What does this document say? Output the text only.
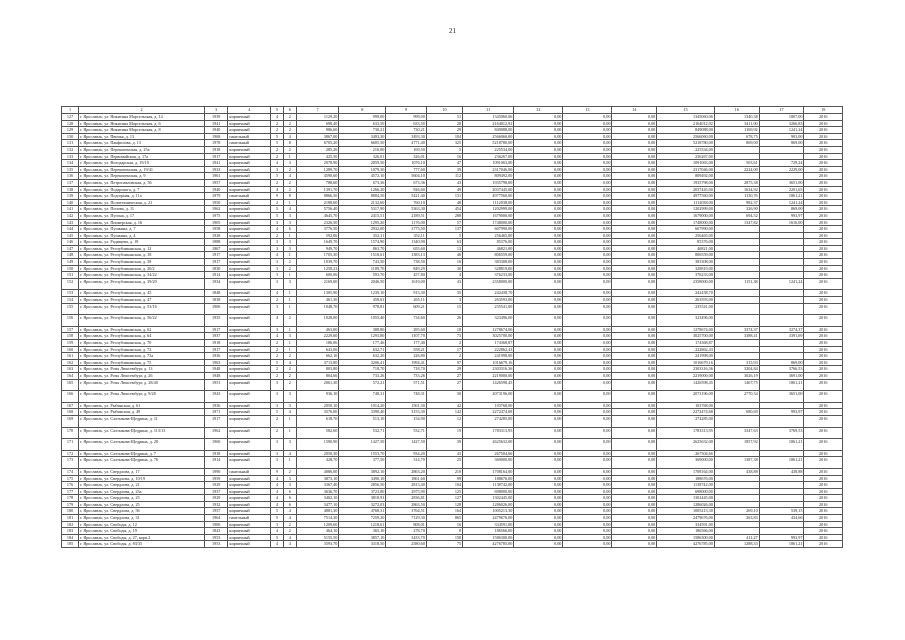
21
1	2	3	4	5	6	7	8	9	10	11	12	13	14	15	16	17	19
127	г. Ярославль, ул. Никитина Марсельская, д. 14	1939	кирпичный	4	2	1129,20	999,00	999,00	51	1345060,06	0,00	0,00	0,00	1345060,06	1340,38	1807,00	2016
128	г. Ярославль, ул. Никитина Марсельская, д. 6	1941	кирпичный	2	2	698,40	633,50	633,50	28	2164012,92	0,00	0,00	0,00	2164012,92	3411,00	3266,83	2016
129	г. Ярославль, ул. Никитина Марсельская, д. 8	1940	кирпичный	2	2	986,60	730,21	730,21	29	849088,00	0,00	0,00	0,00	849088,00	1169,92	1241,24	2016
130	г. Ярославль, ул. Пвичья, д. 13	1968	панельный	5	4	3867,00	3493,30	3493,30	184	2566060,00	0,00	0,00	0,00	2566060,00	678,75	903,00	2016
131	г. Ярославль, ул. Панфилова, д. 13	1978	панельный	5	8	6705,20	6605,50	4771,40	325	5218780,00	0,00	0,00	0,00	5218780,00	869,00	869,00	2016
132	г. Ярославль, ул. Перекопенская, д. 25а	1918	кирпичный	2	2	285,26	216,00	169,50	5	225534,00	0,00	0,00	0,00	225534,00			2016
133	г. Ярославль, ул. Первомайская, д. 17а	1917	кирпичный	2	1	425,50	326,01	326,01	16	236267,00	0,00	0,00	0,00	236267,00			2016
134	г. Ярославль, ул. Володарская, д. 19/10	1941	кирпичный	4	3	2078,90	2059,50	1076,10	47	1091063,00	0,00	0,00	0,00	1091063,00	503,61	729,24	2016
135	г. Ярославль, ул. Перекопенская, д. 19/41	1933	кирпичный	3	2	1289,70	1079,30	777,60	39	2317046,00	0,00	0,00	0,00	2317046,00	2224,00	2229,00	2016
136	г. Ярославль, ул. Перекопенская, д. 9	1961	кирпичный	5	4	4590,60	4572,10	5604,10	112	809492,00	0,00	0,00	0,00	809492,00			2016
137	г. Ярославль, ул. Петропавловская, д. 56	1957	кирпичный	2	2	788,60	673,36	673,36	43	1935798,00	0,00	0,00	0,00	1935798,00	2875,38	3651,00	2016
138	г. Ярославль, ул. Подарского, д. 7	1940	кирпичный	4	2	1391,70	1266,20	926,60	49	2037445,00	0,00	0,00	0,00	2037445,00	1634,92	2201,65	2016
139	г. Ярославль, ул. Подгорная, д. 11а	1979	панельный	9	8	8866,50	8804,50	5421,40	131	4977560,00	0,00	0,00	0,00	4977560,00	1130,76	1861,21	2016
140	г. Ярославль, ул. Политехническая, д. 21	1950	кирпичный	2	1	2188,60	2132,60	760,10	48	1112038,00	0,00	0,00	0,00	1112038,00	982,37	1241,24	2016
141	г. Ярославль, ул. Попова, д. 11	1962	кирпичный	5	4	5756,40	5317,90	5363,30	454	1202999,00	0,00	0,00	0,00	1202999,00	326,90	869,00	2016
142	г. Ярославль, ул. Пугина, д. 17	1975	кирпичный	5	3	4645,70	2415,51	2189,51	288	1679000,00	0,00	0,00	0,00	1679000,00	694,52	993,97	2016
143	г. Ярославль, ул. Пионерская, д. 16	1905	кирпичный	3	3	2326,50	1295,20	1176,00	57	1748000,00	0,00	0,00	0,00	1748000,00	1347,82	1616,00	2016
144	г. Ярославль, ул. Пушкина, д. 7	1958	кирпичный	4	6	3776,50	2932,00	3775,50	137	607990,00	0,00	0,00	0,00	607990,00			2016
145	г. Ярославль, ул. Пушкина, д. 4	1928	кирпичный	2	1	592,06	352,11	352,11	5	256465,00	0,00	0,00	0,00	256465,00			2016
146	г. Ярославль, ул. Радищева, д. 18	1988	кирпичный	3	3	1649,70	1574,90	1340,90	63	85376,00	0,00	0,00	0,00	85376,00			2016
147	г. Ярославль, ул. Республиканская, д. 12	1867	кирпичный	3	3	949,70	863,70	655,60	13	46821,00	0,00	0,00	0,00	46821,00			2016
148	г. Ярославль, ул. Республиканская, д. 18	1917	кирпичный	4	1	1705,30	1518,61	1383,13	46	806559,00	0,00	0,00	0,00	806559,00			2016
149	г. Ярославль, ул. Республиканская, д. 38	1917	кирпичный	3	2	1039,70	743,50	738,50	16	383308,00	0,00	0,00	0,00	383308,00			2016
150	г. Ярославль, ул. Республиканская, д. 20/2	1830	кирпичный	3	2	1258,23	1189,70	849,29	30	328819,00	0,00	0,00	0,00	328819,00			2016
151	г. Ярославль, ул. Республиканская, д. 34/22	1914	кирпичный	3	1	600,06	593,70	457,80	4	376233,00	0,00	0,00	0,00	376233,00			2016
152	г. Ярославль, ул. Республиканская, д. 39/20	1934	кирпичный	3	3	2169,00	2046,50	1619,00	43	2358000,00	0,00	0,00	0,00	2358000,00	1151,38	1241,24	2016
153	г. Ярославль, ул. Республиканская, д. 45	1848	кирпичный	4	1	1305,90	1239,10	915,30	35	242438,70	0,00	0,00	0,00	242438,70			2016
154	г. Ярославль, ул. Республиканская, д. 47	1838	кирпичный	2	1	461,30	458,61	265,11	3	263593,00	0,00	0,00	0,00	263593,00			2016
155	г. Ярославль, ул. Республиканская, д. 53/16	1906	кирпичный	3	1	1048,70	978,81	609,21	15	235541,00	0,00	0,00	0,00	235541,00			2016
156	г. Ярославль, ул. Республиканская, д. 56/22	1935	кирпичный	4	2	1028,00	1055,40	734,60	26	323496,00	0,00	0,00	0,00	323496,00			2016
157	г. Ярославль, ул. Республиканская, д. 62	1917	кирпичный	3	1	463,00	388,80	295,60	18	1278674,00	0,00	0,00	0,00	1278674,00	3374,37	3274,37	2016
158	г. Ярославль, ул. Республиканская, д. 64	1937	кирпичный	4	3	2229,60	1293,80	1107,70	73	3025700,00	0,00	0,00	0,00	3025700,00	3388,41	3391,69	2016
159	г. Ярославль, ул. Республиканская, д. 70	1918	кирпичный	2	1	186,06	177,46	177,40	2	174368,87	0,00	0,00	0,00	174368,87			2016
160	г. Ярославль, ул. Республиканская, д. 72	1917	кирпичный	2	1	643,06	632,71	558,21	17	222862,43	0,00	0,00	0,00	222862,43			2016
161	г. Ярославль, ул. Республиканская, д. 73а	1936	кирпичный	2	2	662,10	632,20	226,80	2	241998,00	0,00	0,00	0,00	241998,00			2016
162	г. Ярославль, ул. Республиканская, д. 75	1963	кирпичный	5	4	3713,80	3206,41	1994,41	97	1016679,16	0,00	0,00	0,00	1016679,16	315,93	869,00	2016
163	г. Ярославль, ул. Розы Люксембург, д. 13	1948	кирпичный	2	2	803,80	718,70	718,70	29	2303316,36	0,00	0,00	0,00	2303316,36	3204,84	3766,53	2016
164	г. Ярославль, ул. Розы Люксембург, д. 26	1948	кирпичный	2	2	804,66	733,26	733,26	27	2219000,00	0,00	0,00	0,00	2219000,00	3026,19	3691,00	2016
165	г. Ярославль, ул. Розы Люксембург, д. 28/40	1951	кирпичный	3	2	2061,30	572,21	571,51	27	1426598,45	0,00	0,00	0,00	1426598,45	1467,75	1861,21	2016
166	г. Ярославль, ул. Розы Люксембург, д. 9/28	1943	кирпичный	3	3	936,10	748,31	748,31	30	2073196,00	0,00	0,00	0,00	2073196,00	2770,34	3651,00	2016
167	г. Ярославль, ул. Рыбинская, д. 61	1936	кирпичный	3	3	2050,10	1914,20	1561,30	42	103768,00	0,00	0,00	0,00	103768,00			2016
168	г. Ярославль, ул. Рыбинская, д. 49	1971	кирпичный	5	4	3576,00	3390,40	3153,30	142	2272474,68	0,00	0,00	0,00	2272474,68	680,69	993,97	2016
169	г. Ярославль, ул. Салтыкова-Щедрина, д. 11	1917	кирпичный	2	1	618,70	513,10	154,90	12	274285,00	0,00	0,00	0,00	274285,00			2016
170	г. Ярославль, ул. Салтыкова-Щедрина, д. 113/13	1962	кирпичный	2	1	582,60	532,71	532,71	19	1783313,95	0,00	0,00	0,00	1783313,95	3347,63	3769,53	2016
171	г. Ярославль, ул. Салтыкова-Щедрина, д. 28	1960	кирпичный	3	3	1590,90	1427,50	1427,50	39	2625632,00	0,00	0,00	0,00	2625632,00	1857,92	1861,21	2016
172	г. Ярославль, ул. Салтыкова-Щедрина, д. 7	1918	кирпичный	3	4	2050,30	1553,70	934,20	43	267504,66	0,00	0,00	0,00	267504,66			2016
173	г. Ярославль, ул. Салтыкова-Щедрина, д. 76	1914	кирпичный	3	1	428,70	377,50	314,70	25	369000,00	0,00	0,00	0,00	369000,00	1387,38	1861,21	2016
174	г. Ярославль, ул. Свердлова, д. 17	1990	панельный	9	2	4086,00	3892,10	2863,20	210	1708164,00	0,00	0,00	0,00	1708164,00	438,88	438,88	2016
175	г. Ярославль, ул. Свердлова, д. 19/19	1959	кирпичный	4	3	3873,10	3490,10	1861,60	99	188676,00	0,00	0,00	0,00	188676,00			2016
176	г. Ярославль, ул. Свердлова, д. 21	1929	кирпичный	4	3	3367,40	2856,50	2813,40	104	1138742,00	0,00	0,00	0,00	1138742,00			2016
177	г. Ярославль, ул. Свердлова, д. 23а	1937	кирпичный	4	6	3636,70	3723,80	2975,90	125	698000,00	0,00	0,00	0,00	698000,00			2016
178	г. Ярославль, ул. Свердлова, д. 23	1929	кирпичный	4	6	3402,10	3818,91	2836,81	127	1302445,00	0,00	0,00	0,00	1302445,00			2016
179	г. Ярославль, ул. Свердлова, д. 25	1932	кирпичный	4	6	3477,10	3272,03	2863,50	128	1286026,00	0,00	0,00	0,00	1286026,00			2016
180	г. Ярославль, ул. Свердлова, д. 56	1957	кирпичный	5	4	4881,30	4768,31	3764,51	164	1005213,30	0,00	0,00	0,00	1005213,30	269,10	539,15	2016
181	г. Ярославль, ул. Свердлова, д. 31	1964	панельный	5	4	7514,30	7259,20	7129,30	865	2479676,00	0,00	0,00	0,00	2479676,00	263,83	434,66	2016
182	г. Ярославль, ул. Свободы, д. 12	1906	кирпичный	3	2	1209,60	1218,61	808,01	16	334591,00	0,00	0,00	0,00	334591,00			2016
183	г. Ярославль, ул. Свободы, д. 19	1843	кирпичный	4	2	464,10	365,10	278,70	8	186566,00	0,00	0,00	0,00	186566,00			2016
184	г. Ярославль, ул. Свободы, д. 27, корп.2	1953	кирпичный	5	4	5155,50	3857,10	3433,70	158	1586300,00	0,00	0,00	0,00	1586300,00	411,27	993,97	2016
185	г. Ярославль, ул. Свободы, д. 83/35	1953	кирпичный	4	4	3593,70	3318,50	2580,60	75	4276785,00	0,00	0,00	0,00	4276785,00	1288,33	1861,21	2016
